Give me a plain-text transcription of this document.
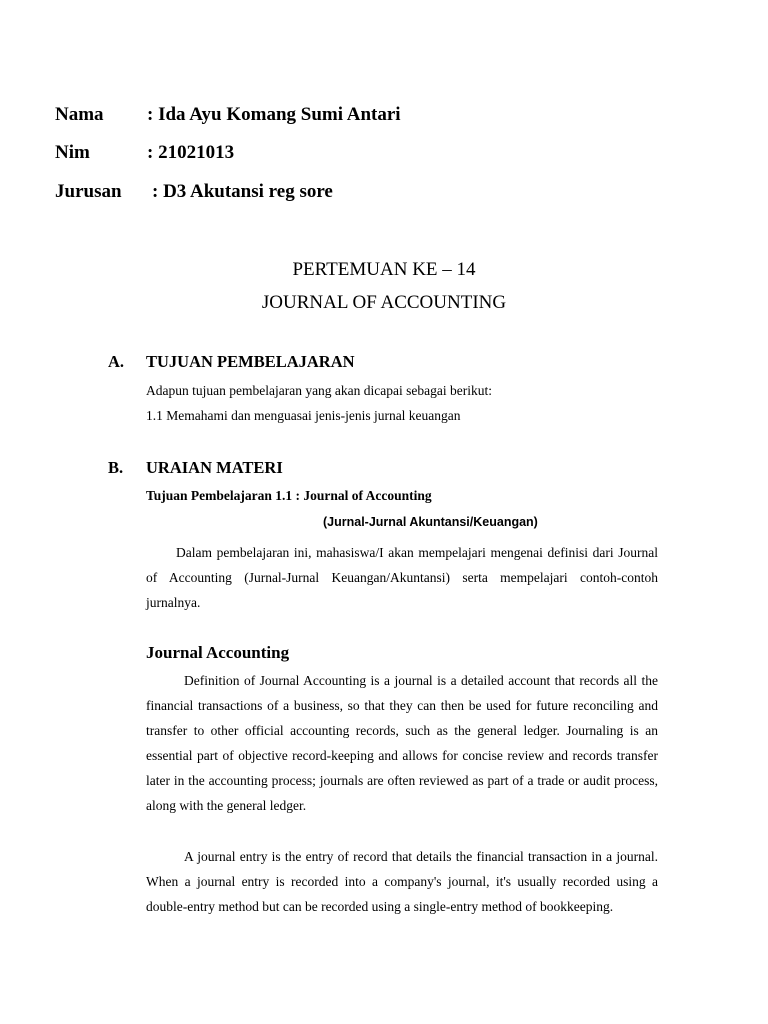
Nama : Ida Ayu Komang Sumi Antari
Nim	: 21021013
Jurusan : D3 Akutansi reg sore
PERTEMUAN KE – 14
JOURNAL OF ACCOUNTING
A. TUJUAN PEMBELAJARAN
Adapun tujuan pembelajaran yang akan dicapai sebagai berikut:
1.1 Memahami dan menguasai jenis-jenis jurnal keuangan
B. URAIAN MATERI
Tujuan Pembelajaran 1.1 : Journal of Accounting
(Jurnal-Jurnal Akuntansi/Keuangan)
Dalam pembelajaran ini, mahasiswa/I akan mempelajari mengenai definisi dari Journal of Accounting (Jurnal-Jurnal Keuangan/Akuntansi) serta mempelajari contoh-contoh jurnalnya.
Journal Accounting
Definition of Journal Accounting is a journal is a detailed account that records all the financial transactions of a business, so that they can then be used for future reconciling and transfer to other official accounting records, such as the general ledger. Journaling is an essential part of objective record-keeping and allows for concise review and records transfer later in the accounting process; journals are often reviewed as part of a trade or audit process, along with the general ledger.
A journal entry is the entry of record that details the financial transaction in a journal. When a journal entry is recorded into a company's journal, it's usually recorded using a double-entry method but can be recorded using a single-entry method of bookkeeping.
